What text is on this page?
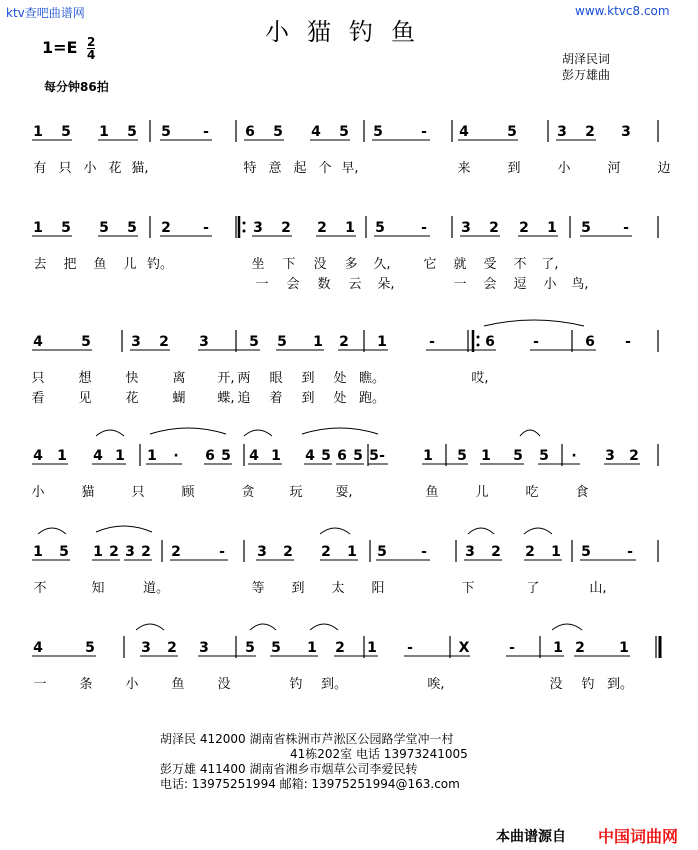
ktv查吧曲谱网	www.ktvc8.com
小猫钓鱼
$1=E \frac{2}{4}$
每分钟86拍
胡泽民词
彭万雄曲
1 5 1 5 5 -	6 5 4 5 5	- 4	5	3 2 3
有 只 小 花 猫,	特 意 起 个 早,	来	到	小	河	边
1 5 5 5 2 -	3 2 2 1 5	- 3 2 2 1 5 -
去 把 鱼 儿 钓。	坐 下 没 多 久,	它 就 受 不 了,
一 会 数 云 朵,	一 会 逗 小 鸟,
4	5	3 2 3	5 5 1 2 1	-	6	-	6 -
只	想	快	离 开, 两 眼 到 处 瞧。	哎,
看	见	花	蝴 蝶, 追 着 到 处 跑。
4 1 4 1 1 · 6 5 4 1 4 5 6 5 5 -	1 5 1 5 5 · 3 2
小	猫	只	顾	贪	玩	耍,	鱼	儿	吃	食
1 5 1 2 3 2 2	- 3 2 2 1 5 -	3 2 2 1 5	-
不	知	道。	等 到 太 阳	下	了	山,
4	5	3 2 3	5 5 1 2 1 -	X	-	1 2 1
一	条	小	鱼	没	钓 到。	唉,	没 钓 到。
胡泽民 412000 湖南省株洲市芦淞区公园路学堂冲一村
41栋202室 电话 13973241005
彭万雄 411400 湖南省湘乡市烟草公司李爱民转
电话: 13975251994 邮箱: 13975251994@163.com
本曲谱源自 中国词曲网
